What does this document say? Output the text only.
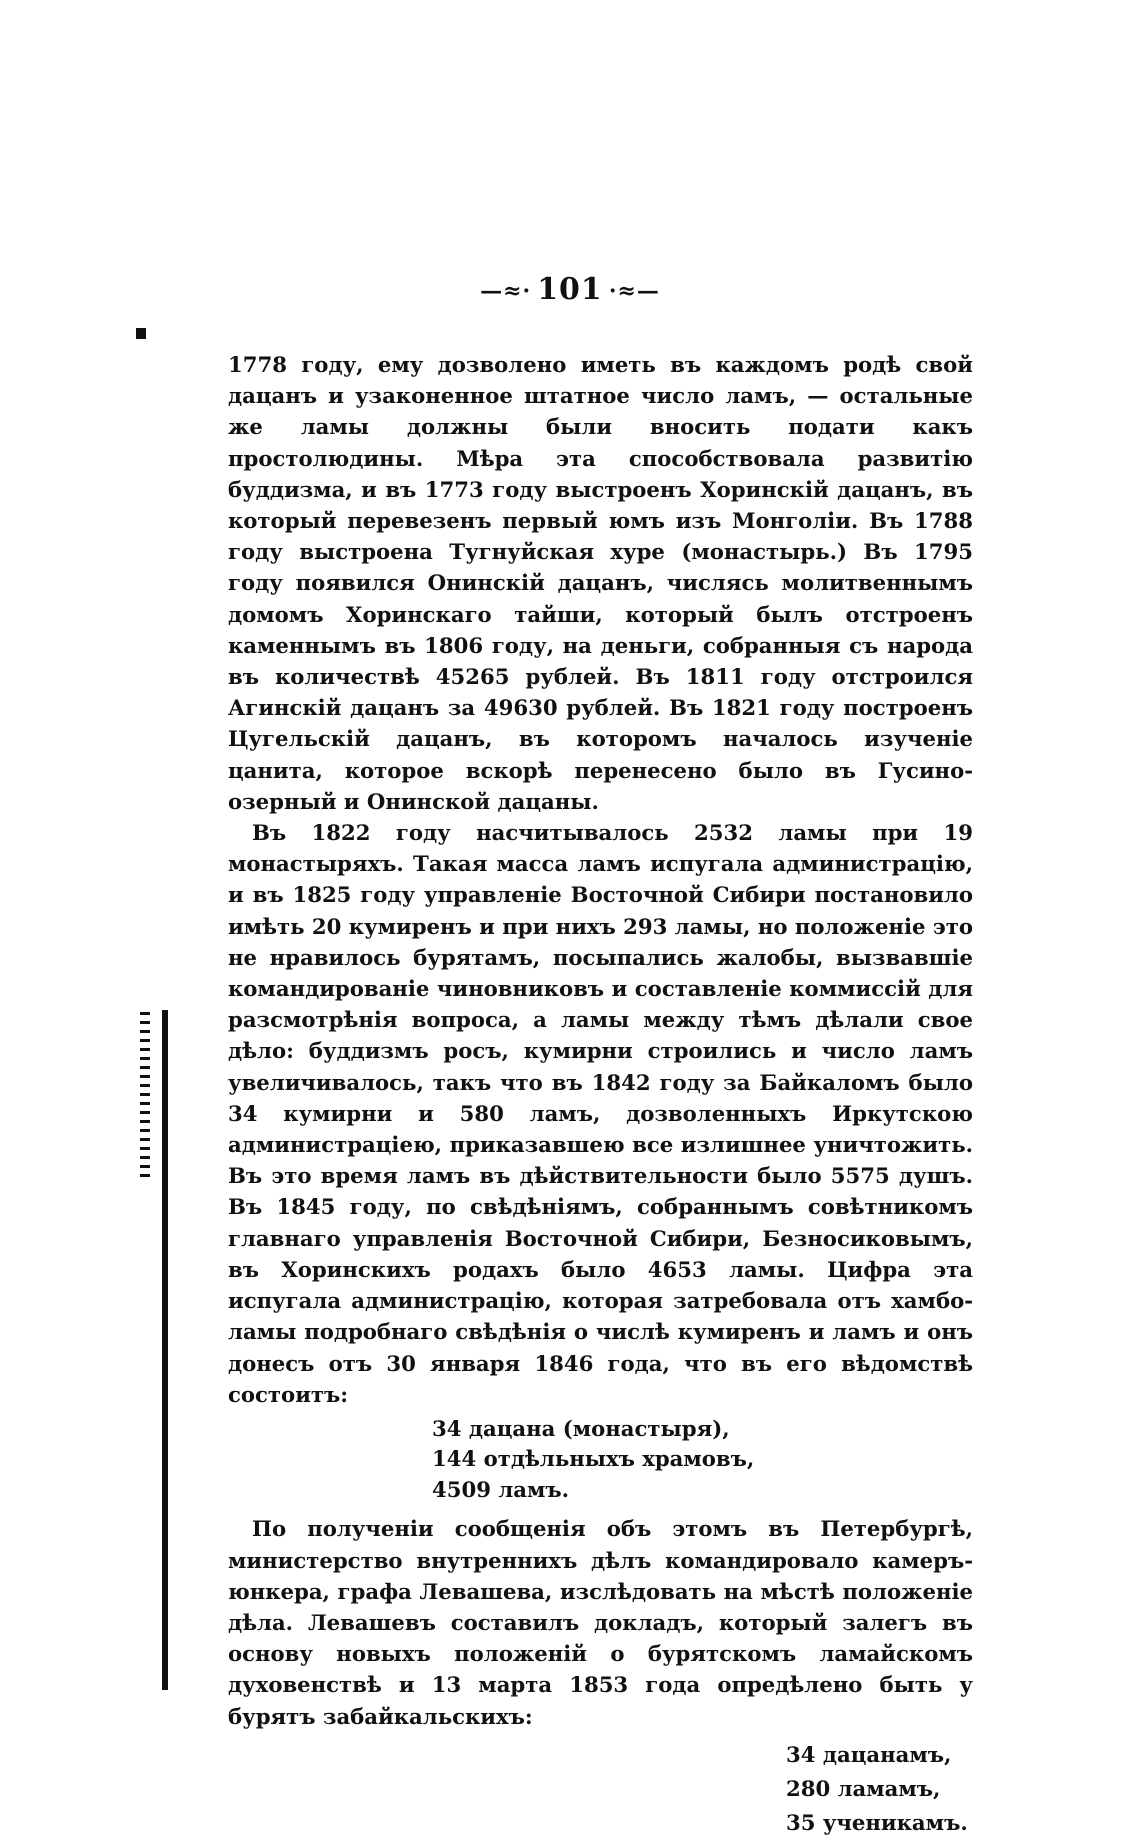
—≈· 101 ·≈—

1778 году, ему дозволено иметь въ каждомъ родѣ свой дацанъ и узаконенное штатное число ламъ, — остальные же ламы должны были вносить подати какъ простолюдины. Мѣра эта способствовала развитію буддизма, и въ 1773 году выстроенъ Хоринскій дацанъ, въ который перевезенъ первый юмъ изъ Монголіи. Въ 1788 году выстроена Тугнуйская хуре (монастырь.) Въ 1795 году появился Онинскій дацанъ, числясь молитвеннымъ домомъ Хоринскаго тайши, который былъ отстроенъ каменнымъ въ 1806 году, на деньги, собранныя съ народа въ количествѣ 45265 рублей. Въ 1811 году отстроился Агинскій дацанъ за 49630 рублей. Въ 1821 году построенъ Цугельскій дацанъ, въ которомъ началось изученіе цанита, которое вскорѣ перенесено было въ Гусино-озерный и Онинской дацаны.

Въ 1822 году насчитывалось 2532 ламы при 19 монастыряхъ. Такая масса ламъ испугала администрацію, и въ 1825 году управленіе Восточной Сибири постановило имѣть 20 кумиренъ и при нихъ 293 ламы, но положеніе это не нравилось бурятамъ, посыпались жалобы, вызвавшіе командированіе чиновниковъ и составленіе коммиссій для разсмотрѣнія вопроса, а ламы между тѣмъ дѣлали свое дѣло: буддизмъ росъ, кумирни строились и число ламъ увеличивалось, такъ что въ 1842 году за Байкаломъ было 34 кумирни и 580 ламъ, дозволенныхъ Иркутскою администраціею, приказавшею все излишнее уничтожить. Въ это время ламъ въ дѣйствительности было 5575 душъ. Въ 1845 году, по свѣдѣніямъ, собраннымъ совѣтникомъ главнаго управленія Восточной Сибири, Безносиковымъ, въ Хоринскихъ родахъ было 4653 ламы. Цифра эта испугала администрацію, которая затребовала отъ хамбо-ламы подробнаго свѣдѣнія о числѣ кумиренъ и ламъ и онъ донесъ отъ 30 января 1846 года, что въ его вѣдомствѣ состоитъ:

34 дацана (монастыря),
144 отдѣльныхъ храмовъ,
4509 ламъ.

По полученіи сообщенія объ этомъ въ Петербургѣ, министерство внутреннихъ дѣлъ командировало камеръ-юнкера, графа Левашева, изслѣдовать на мѣстѣ положеніе дѣла. Левашевъ составилъ докладъ, который залегъ въ основу новыхъ положеній о бурятскомъ ламайскомъ духовенствѣ и 13 марта 1853 года опредѣлено быть у бурятъ забайкальскихъ:

34 дацанамъ,
280 ламамъ,
35 ученикамъ.
